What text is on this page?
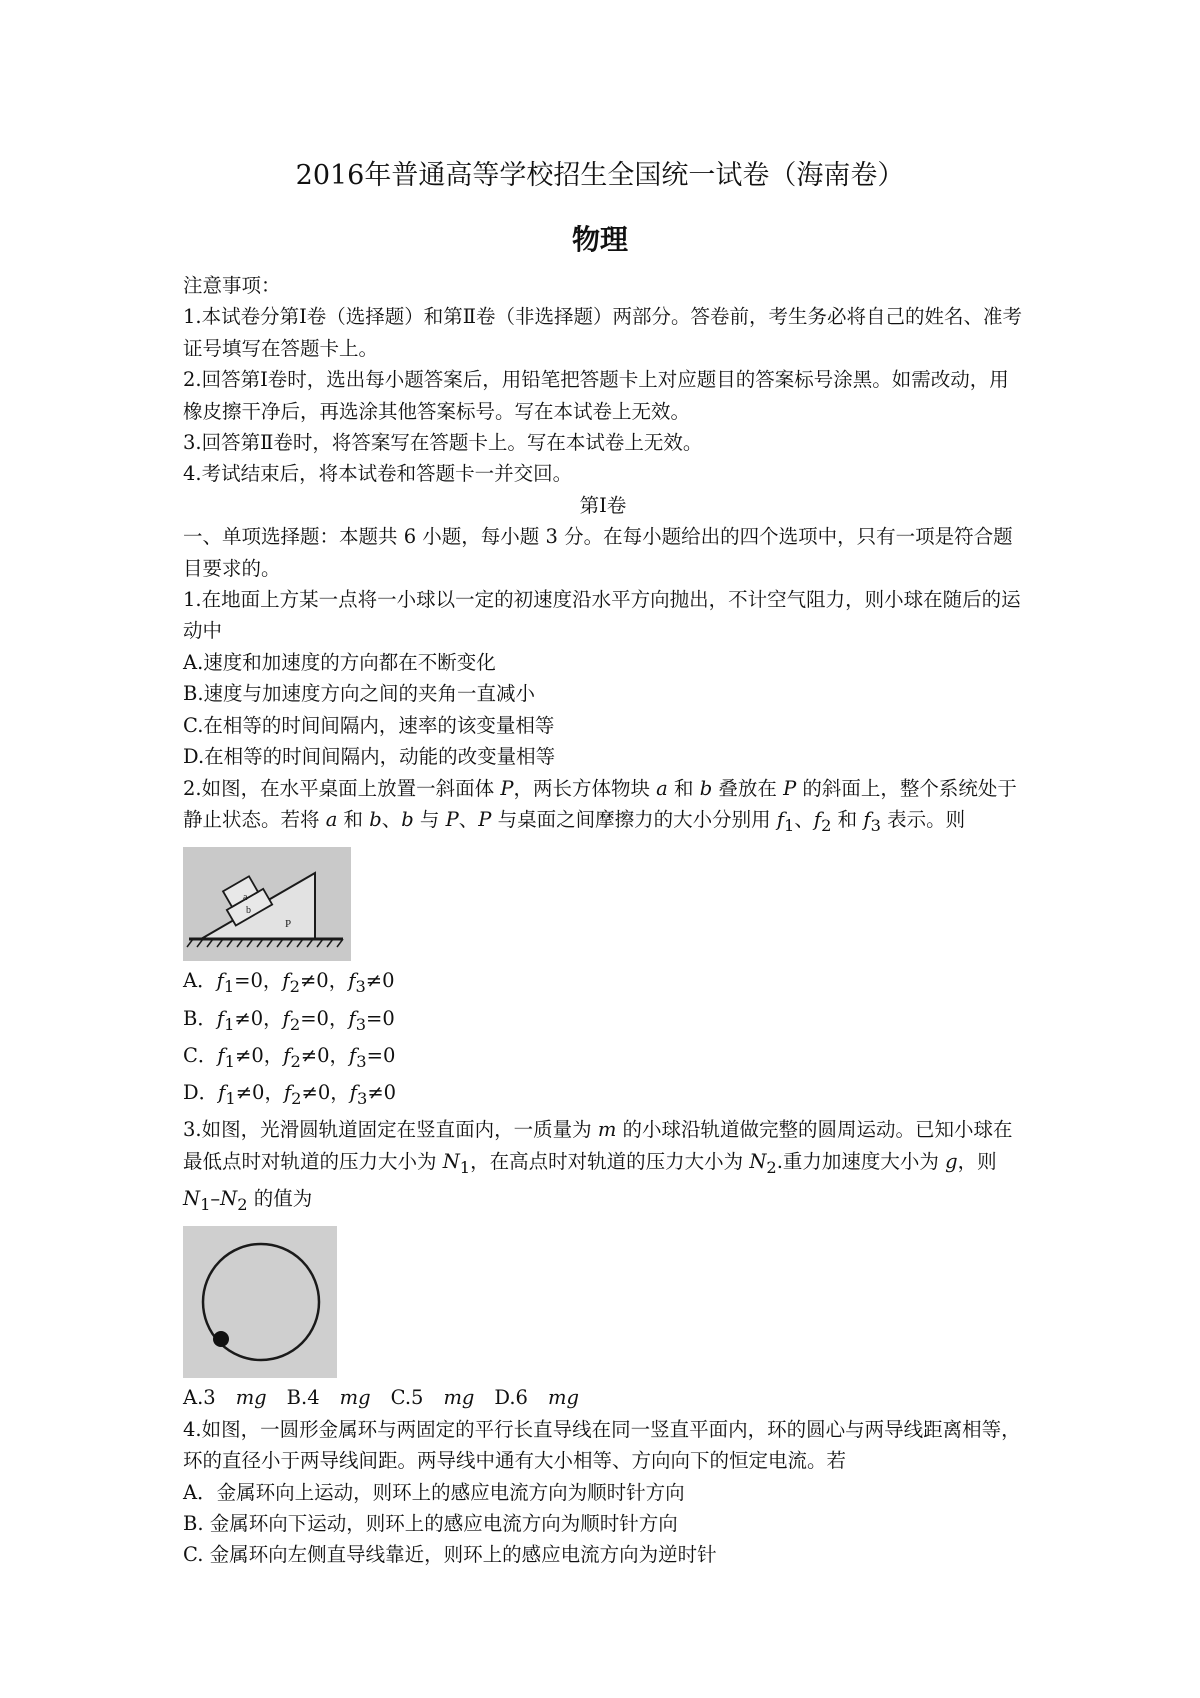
2016年普通高等学校招生全国统一试卷（海南卷）
物理

注意事项：

1.本试卷分第Ⅰ卷（选择题）和第Ⅱ卷（非选择题）两部分。答卷前，考生务必将自己的姓名、准考证号填写在答题卡上。

2.回答第Ⅰ卷时，选出每小题答案后，用铅笔把答题卡上对应题目的答案标号涂黑。如需改动，用橡皮擦干净后，再选涂其他答案标号。写在本试卷上无效。

3.回答第Ⅱ卷时，将答案写在答题卡上。写在本试卷上无效。

4.考试结束后，将本试卷和答题卡一并交回。

第Ⅰ卷

一、单项选择题：本题共 6 小题，每小题 3 分。在每小题给出的四个选项中，只有一项是符合题目要求的。

1.在地面上方某一点将一小球以一定的初速度沿水平方向抛出，不计空气阻力，则小球在随后的运动中

A.速度和加速度的方向都在不断变化

B.速度与加速度方向之间的夹角一直减小

C.在相等的时间间隔内，速率的该变量相等

D.在相等的时间间隔内，动能的改变量相等

2.如图，在水平桌面上放置一斜面体 P，两长方体物块 a 和 b 叠放在 P 的斜面上，整个系统处于静止状态。若将 a 和 b、b 与 P、P 与桌面之间摩擦力的大小分别用 $f_1$、$f_2$ 和 $f_3$ 表示。则

a
b
P

A．$f_1=0$，$f_2\ne 0$，$f_3\ne 0$

B．$f_1\ne 0$，$f_2=0$，$f_3=0$

C．$f_1\ne 0$，$f_2\ne 0$，$f_3=0$

D．$f_1\ne 0$，$f_2\ne 0$，$f_3\ne 0$

3.如图，光滑圆轨道固定在竖直面内，一质量为 m 的小球沿轨道做完整的圆周运动。已知小球在最低点时对轨道的压力大小为 $N_1$，在高点时对轨道的压力大小为 $N_2$.重力加速度大小为 g，则 $N_1-N_2$ 的值为

A.3 mg B.4 mg C.5 mg D.6 mg

4.如图，一圆形金属环与两固定的平行长直导线在同一竖直平面内，环的圆心与两导线距离相等，环的直径小于两导线间距。两导线中通有大小相等、方向向下的恒定电流。若

A．金属环向上运动，则环上的感应电流方向为顺时针方向

B. 金属环向下运动，则环上的感应电流方向为顺时针方向

C. 金属环向左侧直导线靠近，则环上的感应电流方向为逆时针
